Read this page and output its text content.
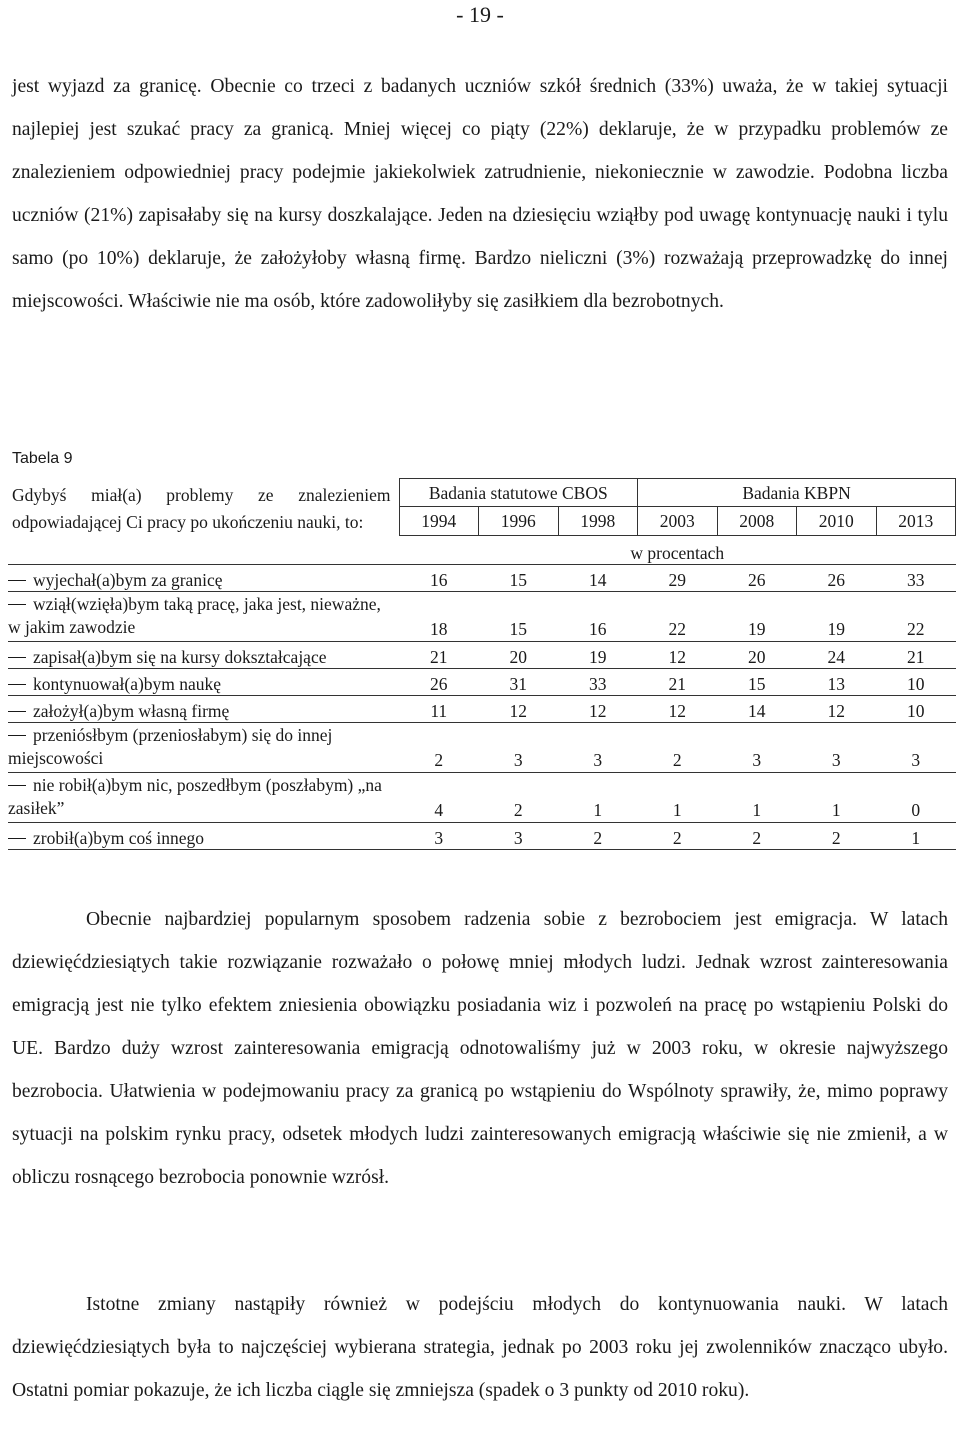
- 19 -

jest wyjazd za granicę. Obecnie co trzeci z badanych uczniów szkół średnich (33%) uważa, że w takiej sytuacji najlepiej jest szukać pracy za granicą. Mniej więcej co piąty (22%) deklaruje, że w przypadku problemów ze znalezieniem odpowiedniej pracy podejmie jakiekolwiek zatrudnienie, niekoniecznie w zawodzie. Podobna liczba uczniów (21%) zapisałaby się na kursy doszkalające. Jeden na dziesięciu wziąłby pod uwagę kontynuację nauki i tylu samo (po 10%) deklaruje, że założyłoby własną firmę. Bardzo nieliczni (3%) rozważają przeprowadzkę do innej miejscowości. Właściwie nie ma osób, które zadowoliłyby się zasiłkiem dla bezrobotnych.

Tabela 9
Gdybyś miał(a) problemy ze znalezieniem odpowiadającej Ci pracy po ukończeniu nauki, to:	Badania statutowe CBOS			Badania KBPN			
	1994	1996	1998	2003	2008	2010	2013
	w procentach						
wyjechał(a)bym za granicę	16	15	14	29	26	26	33
wziął(wzięła)bym taką pracę, jaka jest, nieważne, w jakim zawodzie	18	15	16	22	19	19	22
zapisał(a)bym się na kursy dokształcające	21	20	19	12	20	24	21
kontynuował(a)bym naukę	26	31	33	21	15	13	10
założył(a)bym własną firmę	11	12	12	12	14	12	10
przeniósłbym (przeniosłabym) się do innej miejscowości	2	3	3	2	3	3	3
nie robił(a)bym nic, poszedłbym (poszłabym) „na zasiłek”	4	2	1	1	1	1	0
zrobił(a)bym coś innego	3	3	2	2	2	2	1

Obecnie najbardziej popularnym sposobem radzenia sobie z bezrobociem jest emigracja. W latach dziewięćdziesiątych takie rozwiązanie rozważało o połowę mniej młodych ludzi. Jednak wzrost zainteresowania emigracją jest nie tylko efektem zniesienia obowiązku posiadania wiz i pozwoleń na pracę po wstąpieniu Polski do UE. Bardzo duży wzrost zainteresowania emigracją odnotowaliśmy już w 2003 roku, w okresie najwyższego bezrobocia. Ułatwienia w podejmowaniu pracy za granicą po wstąpieniu do Wspólnoty sprawiły, że, mimo poprawy sytuacji na polskim rynku pracy, odsetek młodych ludzi zainteresowanych emigracją właściwie się nie zmienił, a w obliczu rosnącego bezrobocia ponownie wzrósł.

Istotne zmiany nastąpiły również w podejściu młodych do kontynuowania nauki. W latach dziewięćdziesiątych była to najczęściej wybierana strategia, jednak po 2003 roku jej zwolenników znacząco ubyło. Ostatni pomiar pokazuje, że ich liczba ciągle się zmniejsza (spadek o 3 punkty od 2010 roku).
